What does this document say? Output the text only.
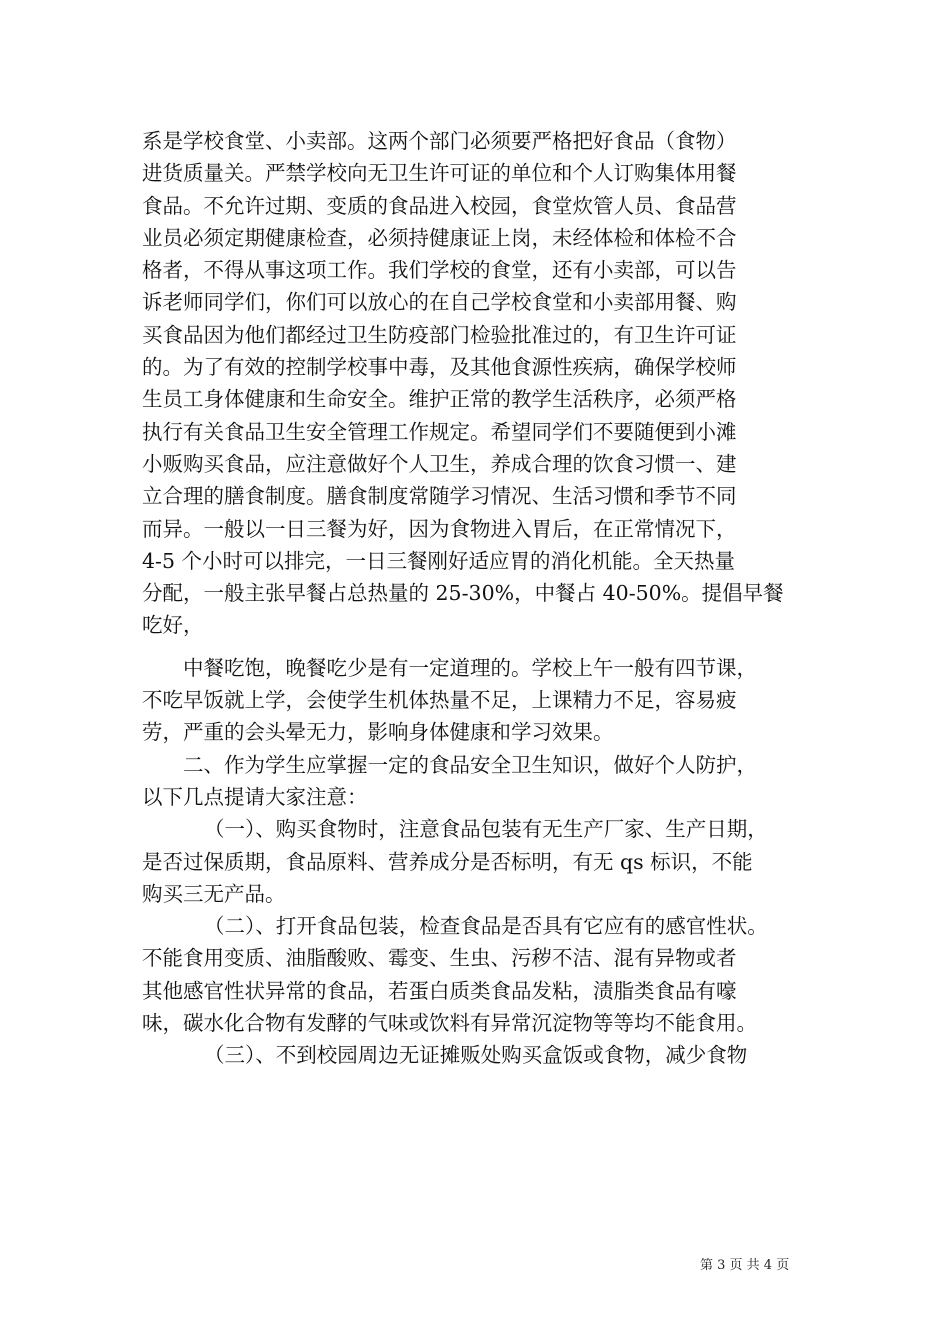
系是学校食堂、小卖部。这两个部门必须要严格把好食品（食物）
进货质量关。严禁学校向无卫生许可证的单位和个人订购集体用餐
食品。不允许过期、变质的食品进入校园，食堂炊管人员、食品营
业员必须定期健康检查，必须持健康证上岗，未经体检和体检不合
格者，不得从事这项工作。我们学校的食堂，还有小卖部，可以告
诉老师同学们，你们可以放心的在自己学校食堂和小卖部用餐、购
买食品因为他们都经过卫生防疫部门检验批准过的，有卫生许可证
的。为了有效的控制学校事中毒，及其他食源性疾病，确保学校师
生员工身体健康和生命安全。维护正常的教学生活秩序，必须严格
执行有关食品卫生安全管理工作规定。希望同学们不要随便到小滩
小贩购买食品，应注意做好个人卫生，养成合理的饮食习惯一、建
立合理的膳食制度。膳食制度常随学习情况、生活习惯和季节不同
而异。一般以一日三餐为好，因为食物进入胃后，在正常情况下，
4-5 个小时可以排完，一日三餐刚好适应胃的消化机能。全天热量
分配，一般主张早餐占总热量的 25-30%，中餐占 40-50%。提倡早餐
吃好，
中餐吃饱，晚餐吃少是有一定道理的。学校上午一般有四节课，
不吃早饭就上学，会使学生机体热量不足，上课精力不足，容易疲
劳，严重的会头晕无力，影响身体健康和学习效果。
二、作为学生应掌握一定的食品安全卫生知识，做好个人防护，
以下几点提请大家注意：
（一）、购买食物时，注意食品包装有无生产厂家、生产日期，
是否过保质期，食品原料、营养成分是否标明，有无 qs 标识，不能
购买三无产品。
（二）、打开食品包装，检查食品是否具有它应有的感官性状。
不能食用变质、油脂酸败、霉变、生虫、污秽不洁、混有异物或者
其他感官性状异常的食品，若蛋白质类食品发粘，渍脂类食品有嚎
味，碳水化合物有发酵的气味或饮料有异常沉淀物等等均不能食用。
（三）、不到校园周边无证摊贩处购买盒饭或食物，减少食物
第 3 页 共 4 页
